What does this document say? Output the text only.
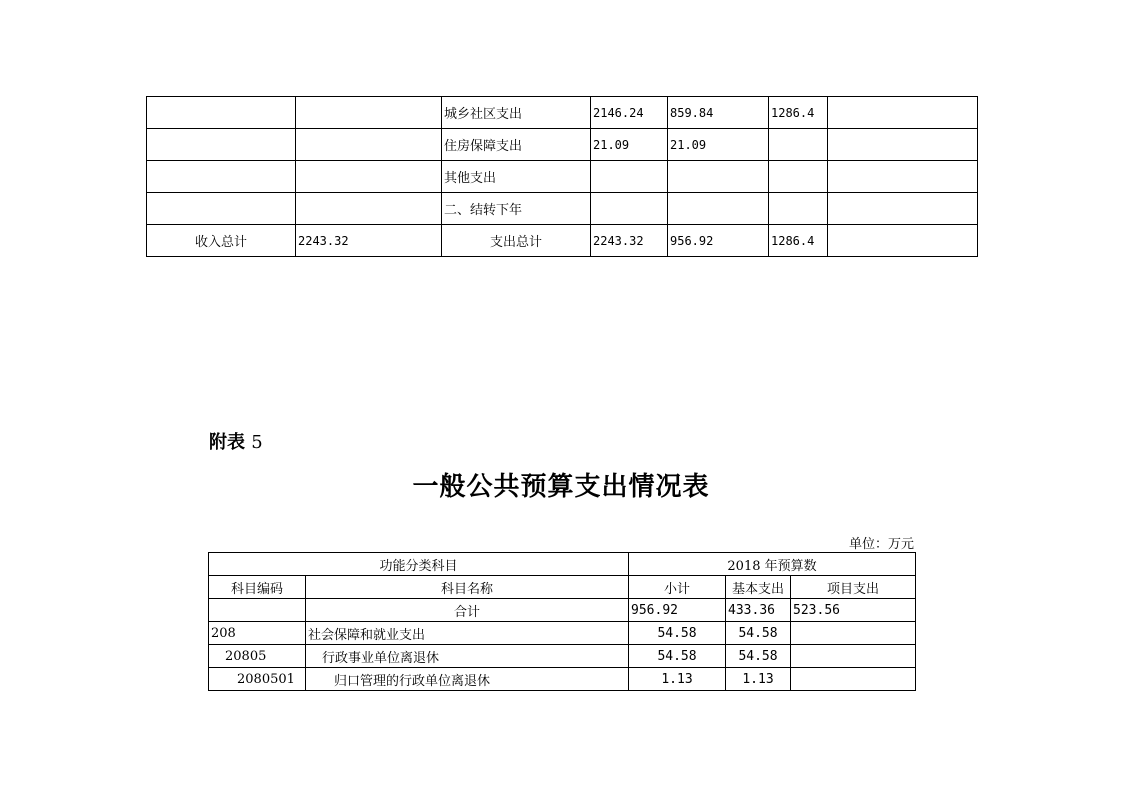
		城乡社区支出	2146.24	859.84	1286.4	
		住房保障支出	21.09	21.09		
		其他支出				
		二、结转下年				
收入总计	2243.32	支出总计	2243.32	956.92	1286.4	
附表 5
一般公共预算支出情况表
单位：万元
功能分类科目		2018 年预算数		
科目编码	科目名称	小计	基本支出	项目支出
	合计	956.92	433.36	523.56
208	社会保障和就业支出	54.58	54.58	
20805	行政事业单位离退休	54.58	54.58	
2080501	归口管理的行政单位离退休	1.13	1.13	
